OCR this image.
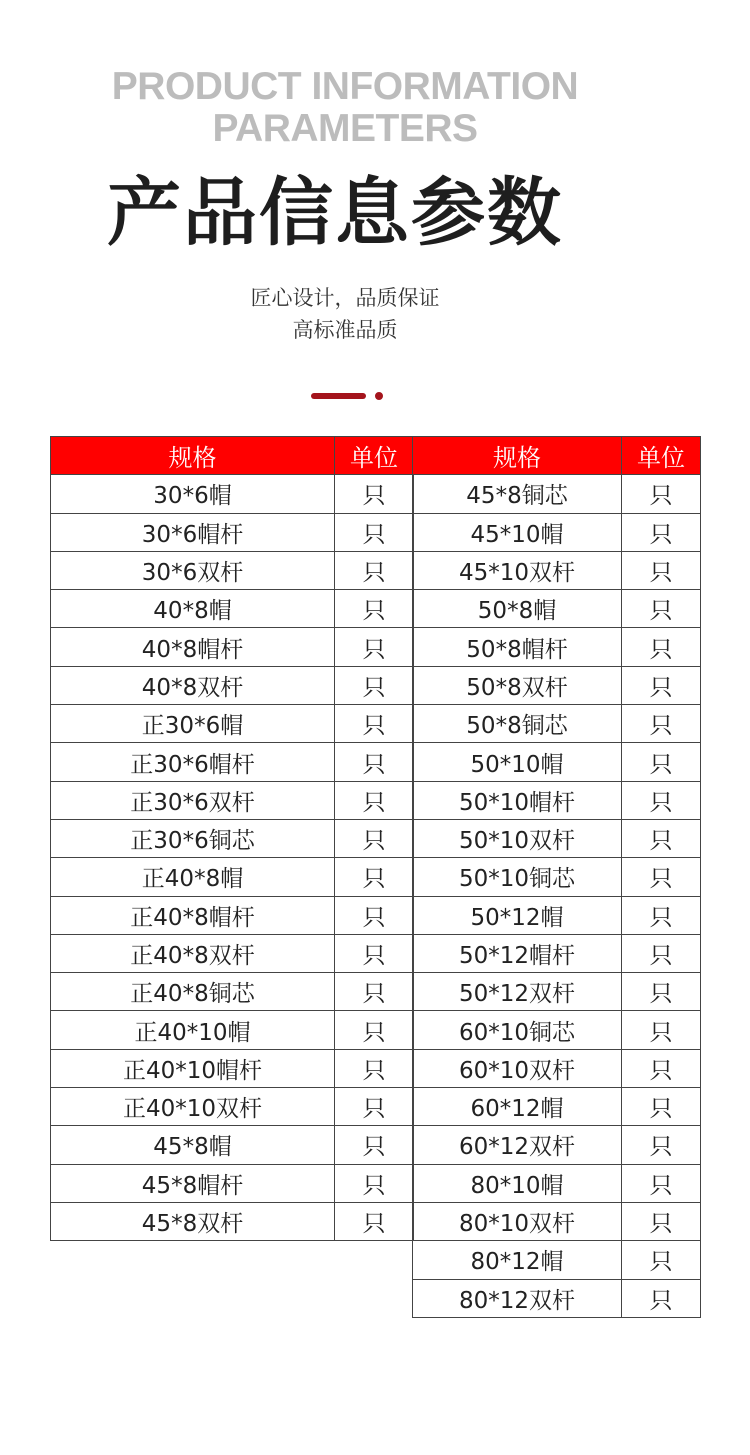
PRODUCT INFORMATION
PARAMETERS
产品信息参数
匠心设计，品质保证
高标准品质
规格	单位
30*6帽	只
30*6帽杆	只
30*6双杆	只
40*8帽	只
40*8帽杆	只
40*8双杆	只
正30*6帽	只
正30*6帽杆	只
正30*6双杆	只
正30*6铜芯	只
正40*8帽	只
正40*8帽杆	只
正40*8双杆	只
正40*8铜芯	只
正40*10帽	只
正40*10帽杆	只
正40*10双杆	只
45*8帽	只
45*8帽杆	只
45*8双杆	只
规格	单位
45*8铜芯	只
45*10帽	只
45*10双杆	只
50*8帽	只
50*8帽杆	只
50*8双杆	只
50*8铜芯	只
50*10帽	只
50*10帽杆	只
50*10双杆	只
50*10铜芯	只
50*12帽	只
50*12帽杆	只
50*12双杆	只
60*10铜芯	只
60*10双杆	只
60*12帽	只
60*12双杆	只
80*10帽	只
80*10双杆	只
80*12帽	只
80*12双杆	只
